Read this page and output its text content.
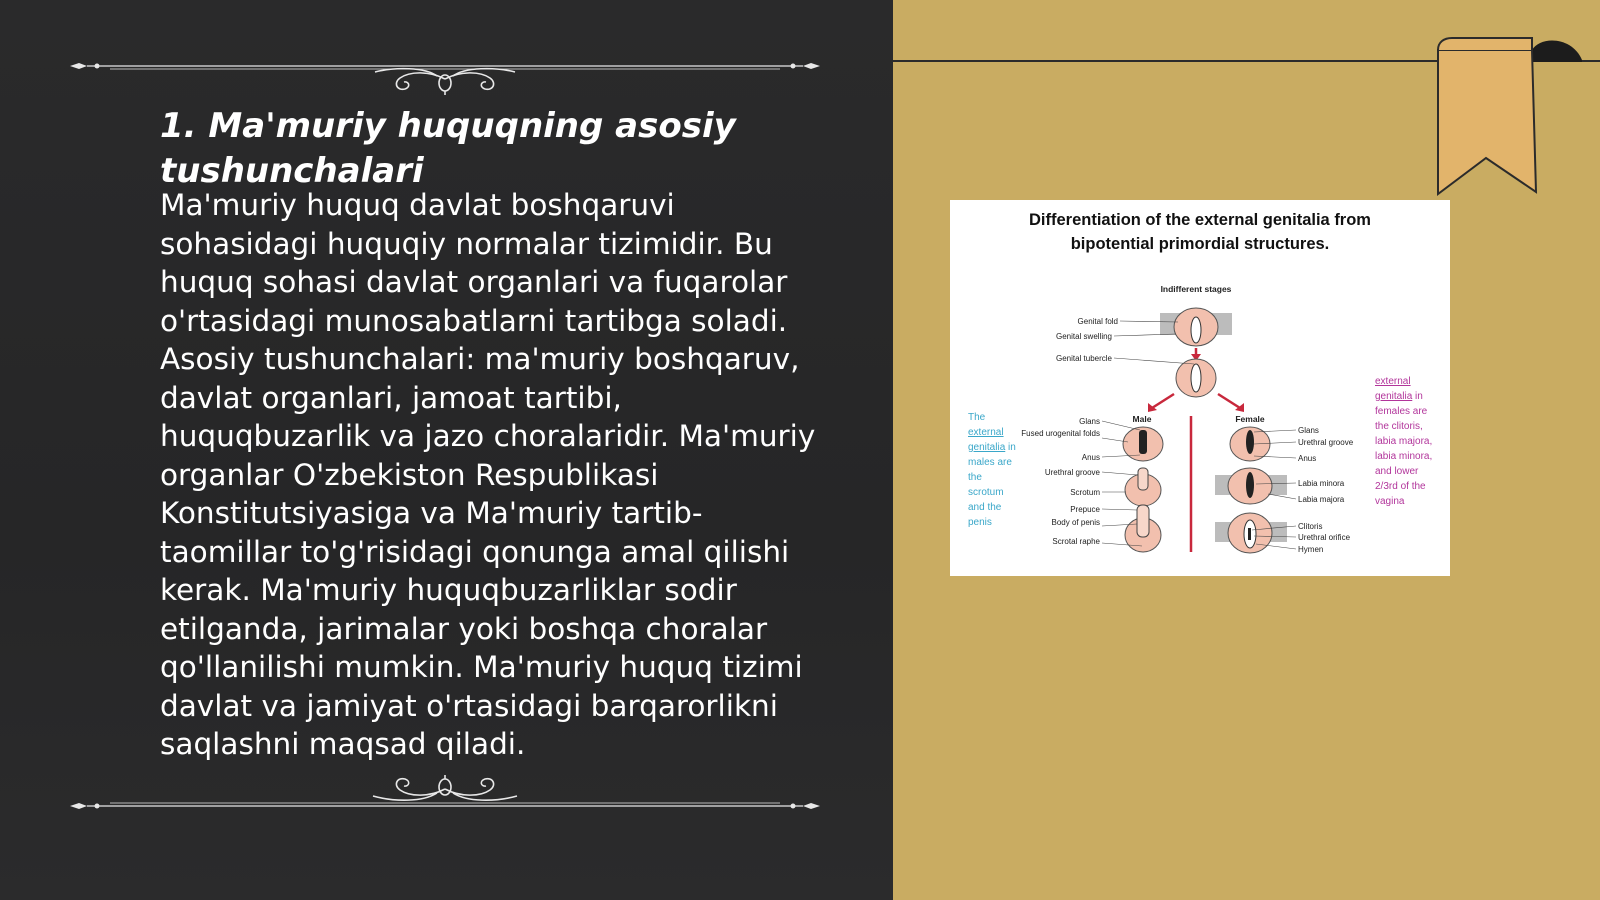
1. Ma'muriy huquqning asosiy tushunchalari

Ma'muriy huquq davlat boshqaruvi sohasidagi huquqiy normalar tizimidir. Bu huquq sohasi davlat organlari va fuqarolar o'rtasidagi munosabatlarni tartibga soladi. Asosiy tushunchalari: ma'muriy boshqaruv, davlat organlari, jamoat tartibi, huquqbuzarlik va jazo choralaridir. Ma'muriy organlar O'zbekiston Respublikasi Konstitutsiyasiga va Ma'muriy tartib-taomillar to'g'risidagi qonunga amal qilishi kerak. Ma'muriy huquqbuzarliklar sodir etilganda, jarimalar yoki boshqa choralar qo'llanilishi mumkin. Ma'muriy huquq tizimi davlat va jamiyat o'rtasidagi barqarorlikni saqlashni maqsad qiladi.

Differentiation of the external genitalia from
bipotential primordial structures.
Indifferent stages
Genital fold
Genital swelling
Genital tubercle
Male	Female
Glans
Fused urogenital folds
Anus
Urethral groove
Scrotum
Prepuce
Body of penis
Scrotal raphe
Glans
Urethral groove
Anus
Labia minora
Labia majora
Clitoris
Urethral orifice
Hymen
The external genitalia in males are the scrotum and the penis
external genitalia in females are the clitoris, labia majora, labia minora, and lower 2/3rd of the vagina
